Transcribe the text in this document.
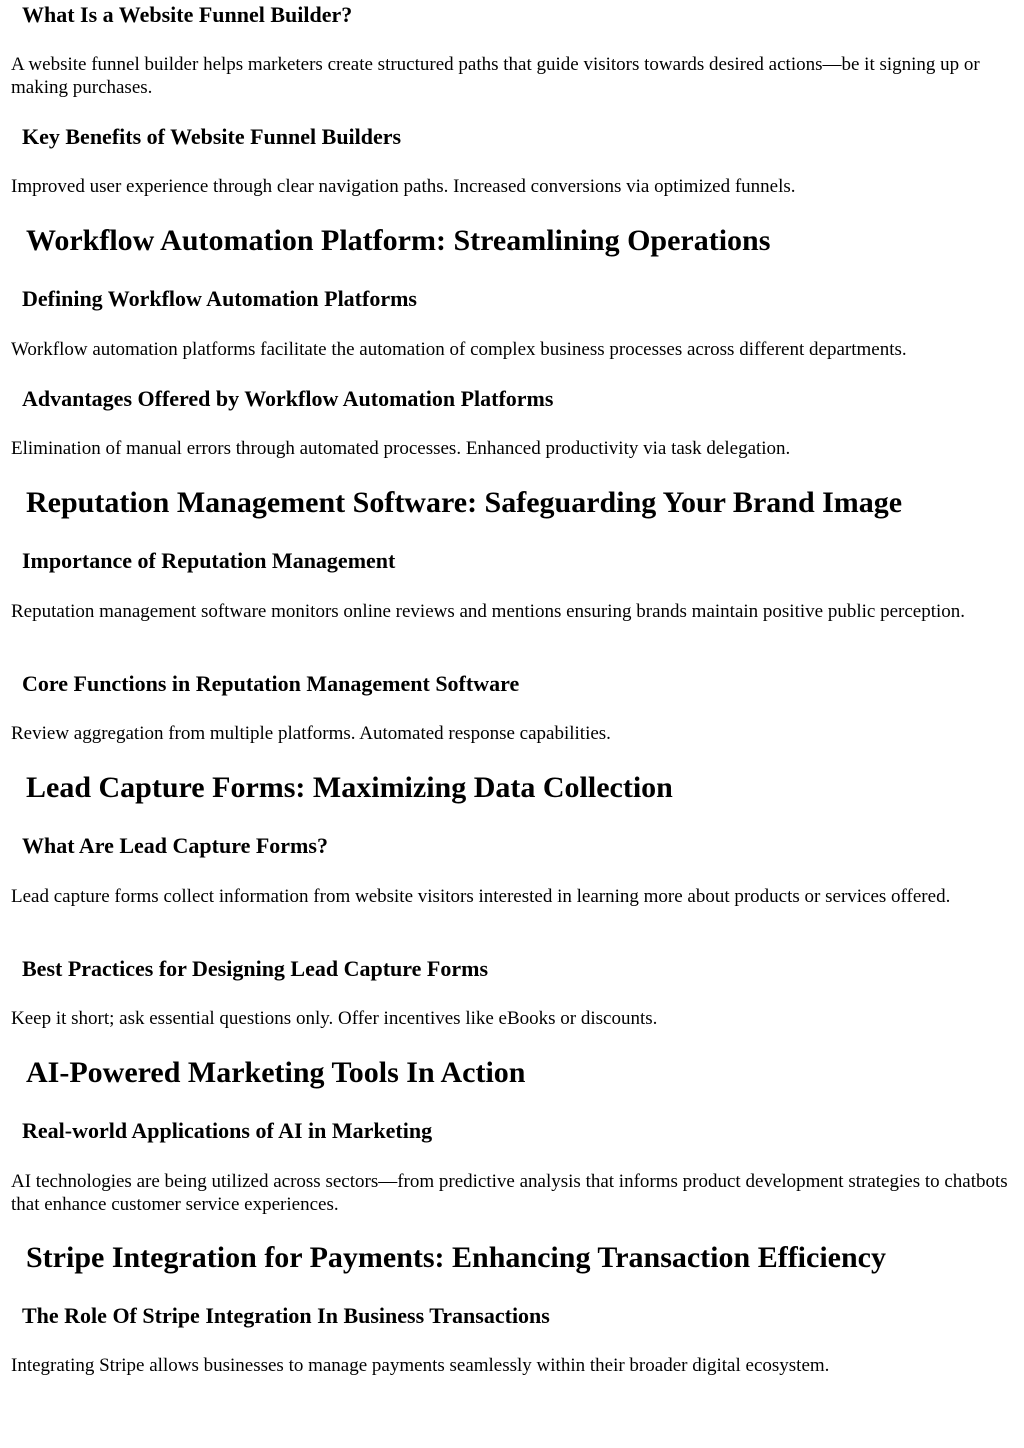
What Is a Website Funnel Builder?

A website funnel builder helps marketers create structured paths that guide visitors towards desired actions—be it signing up or making purchases.

Key Benefits of Website Funnel Builders

Improved user experience through clear navigation paths. Increased conversions via optimized funnels.

Workflow Automation Platform: Streamlining Operations
Defining Workflow Automation Platforms

Workflow automation platforms facilitate the automation of complex business processes across different departments.

Advantages Offered by Workflow Automation Platforms

Elimination of manual errors through automated processes. Enhanced productivity via task delegation.

Reputation Management Software: Safeguarding Your Brand Image
Importance of Reputation Management

Reputation management software monitors online reviews and mentions ensuring brands maintain positive public perception.

Core Functions in Reputation Management Software

Review aggregation from multiple platforms. Automated response capabilities.

Lead Capture Forms: Maximizing Data Collection
What Are Lead Capture Forms?

Lead capture forms collect information from website visitors interested in learning more about products or services offered.

Best Practices for Designing Lead Capture Forms

Keep it short; ask essential questions only. Offer incentives like eBooks or discounts.

AI-Powered Marketing Tools In Action
Real-world Applications of AI in Marketing

AI technologies are being utilized across sectors—from predictive analysis that informs product development strategies to chatbots that enhance customer service experiences.

Stripe Integration for Payments: Enhancing Transaction Efficiency
The Role Of Stripe Integration In Business Transactions

Integrating Stripe allows businesses to manage payments seamlessly within their broader digital ecosystem.
